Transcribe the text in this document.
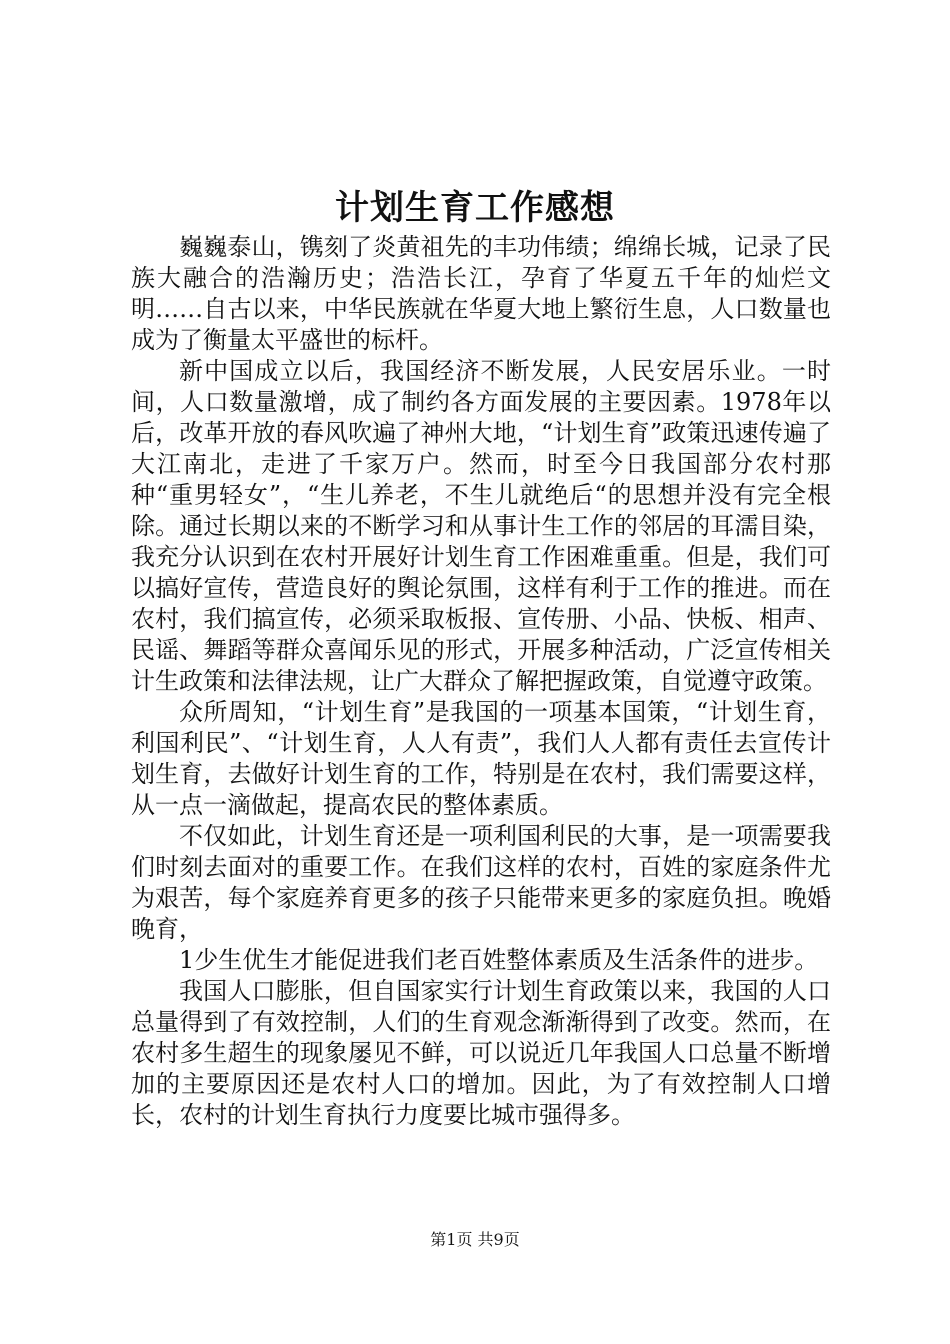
计划生育工作感想

巍巍泰山，镌刻了炎黄祖先的丰功伟绩；绵绵长城，记录了民族大融合的浩瀚历史；浩浩长江，孕育了华夏五千年的灿烂文明……自古以来，中华民族就在华夏大地上繁衍生息，人口数量也成为了衡量太平盛世的标杆。

新中国成立以后，我国经济不断发展，人民安居乐业。一时间，人口数量激增，成了制约各方面发展的主要因素。1978年以后，改革开放的春风吹遍了神州大地，“计划生育”政策迅速传遍了大江南北，走进了千家万户。然而，时至今日我国部分农村那种“重男轻女”，“生儿养老，不生儿就绝后“的思想并没有完全根除。通过长期以来的不断学习和从事计生工作的邻居的耳濡目染，我充分认识到在农村开展好计划生育工作困难重重。但是，我们可以搞好宣传，营造良好的舆论氛围，这样有利于工作的推进。而在农村，我们搞宣传，必须采取板报、宣传册、小品、快板、相声、民谣、舞蹈等群众喜闻乐见的形式，开展多种活动，广泛宣传相关计生政策和法律法规，让广大群众了解把握政策，自觉遵守政策。

众所周知，“计划生育”是我国的一项基本国策，“计划生育，利国利民”、“计划生育，人人有责”，我们人人都有责任去宣传计划生育，去做好计划生育的工作，特别是在农村，我们需要这样，从一点一滴做起，提高农民的整体素质。

不仅如此，计划生育还是一项利国利民的大事，是一项需要我们时刻去面对的重要工作。在我们这样的农村，百姓的家庭条件尤为艰苦，每个家庭养育更多的孩子只能带来更多的家庭负担。晚婚晚育，

1少生优生才能促进我们老百姓整体素质及生活条件的进步。

我国人口膨胀，但自国家实行计划生育政策以来，我国的人口总量得到了有效控制，人们的生育观念渐渐得到了改变。然而，在农村多生超生的现象屡见不鲜，可以说近几年我国人口总量不断增加的主要原因还是农村人口的增加。因此，为了有效控制人口增长，农村的计划生育执行力度要比城市强得多。

第1页 共9页
